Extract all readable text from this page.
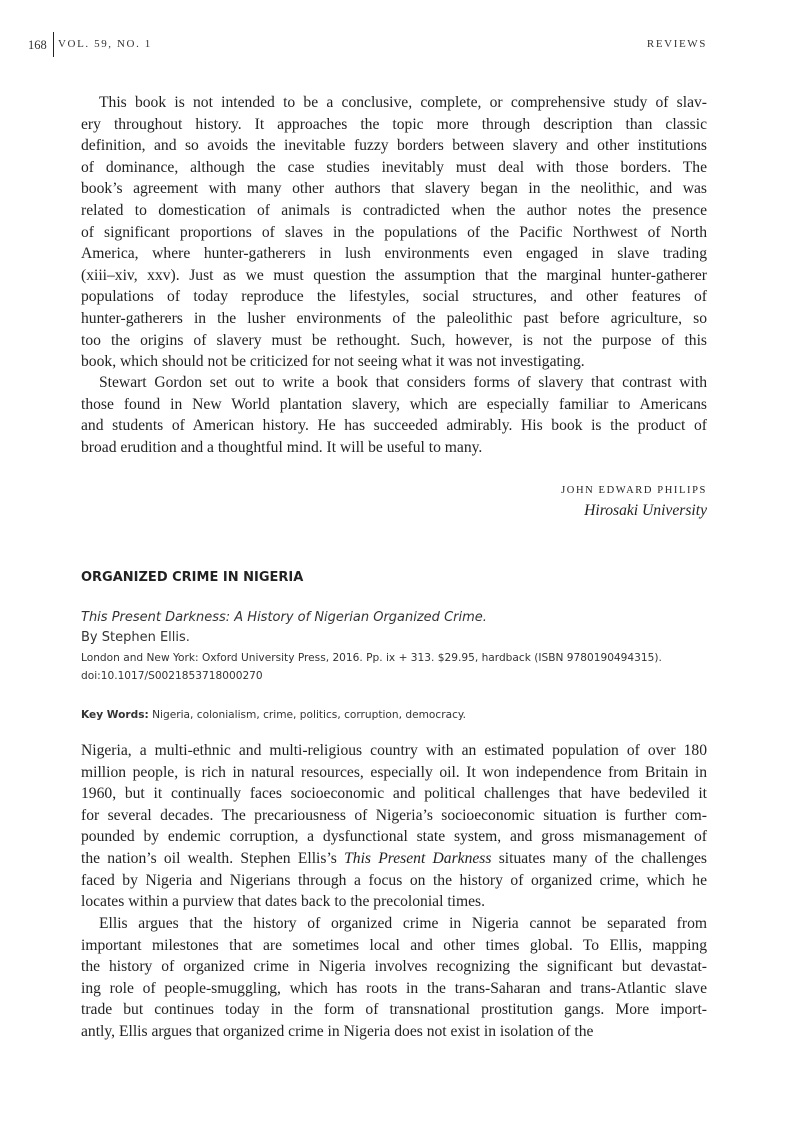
168 VOL. 59, NO. 1	REVIEWS
This book is not intended to be a conclusive, complete, or comprehensive study of slav-
ery throughout history. It approaches the topic more through description than classic
definition, and so avoids the inevitable fuzzy borders between slavery and other institutions
of dominance, although the case studies inevitably must deal with those borders. The
book’s agreement with many other authors that slavery began in the neolithic, and was
related to domestication of animals is contradicted when the author notes the presence
of significant proportions of slaves in the populations of the Pacific Northwest of North
America, where hunter-gatherers in lush environments even engaged in slave trading
(xiii–xiv, xxv). Just as we must question the assumption that the marginal hunter-gatherer
populations of today reproduce the lifestyles, social structures, and other features of
hunter-gatherers in the lusher environments of the paleolithic past before agriculture, so
too the origins of slavery must be rethought. Such, however, is not the purpose of this
book, which should not be criticized for not seeing what it was not investigating.
Stewart Gordon set out to write a book that considers forms of slavery that contrast with
those found in New World plantation slavery, which are especially familiar to Americans
and students of American history. He has succeeded admirably. His book is the product of
broad erudition and a thoughtful mind. It will be useful to many.
JOHN EDWARD PHILIPS
Hirosaki University
ORGANIZED CRIME IN NIGERIA
This Present Darkness: A History of Nigerian Organized Crime.
By Stephen Ellis.
London and New York: Oxford University Press, 2016. Pp. ix + 313. $29.95, hardback (ISBN 9780190494315).
doi:10.1017/S0021853718000270
Key Words: Nigeria, colonialism, crime, politics, corruption, democracy.
Nigeria, a multi-ethnic and multi-religious country with an estimated population of over 180
million people, is rich in natural resources, especially oil. It won independence from Britain in
1960, but it continually faces socioeconomic and political challenges that have bedeviled it
for several decades. The precariousness of Nigeria’s socioeconomic situation is further com-
pounded by endemic corruption, a dysfunctional state system, and gross mismanagement of
the nation’s oil wealth. Stephen Ellis’s This Present Darkness situates many of the challenges
faced by Nigeria and Nigerians through a focus on the history of organized crime, which he
locates within a purview that dates back to the precolonial times.
Ellis argues that the history of organized crime in Nigeria cannot be separated from
important milestones that are sometimes local and other times global. To Ellis, mapping
the history of organized crime in Nigeria involves recognizing the significant but devastat-
ing role of people-smuggling, which has roots in the trans-Saharan and trans-Atlantic slave
trade but continues today in the form of transnational prostitution gangs. More import-
antly, Ellis argues that organized crime in Nigeria does not exist in isolation of the
